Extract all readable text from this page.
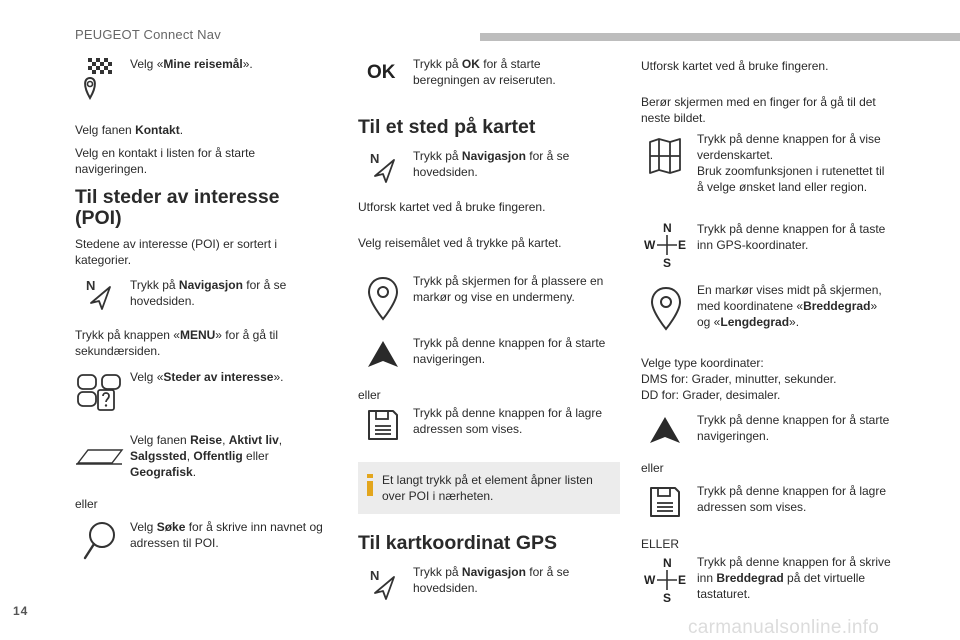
PEUGEOT Connect Nav

Velg «Mine reisemål».

Velg fanen Kontakt.

Velg en kontakt i listen for å starte
navigeringen.

Til steder av interesse
(POI)

Stedene av interesse (POI) er sortert i
kategorier.

N	Trykk på Navigasjon for å se
hovedsiden.

Trykk på knappen «MENU» for å gå til
sekundærsiden.

Velg «Steder av interesse».

Velg fanen Reise, Aktivt liv,
Salgssted, Offentlig eller
Geografisk.

eller

Velg Søke for å skrive inn navnet og
adressen til POI.

OK Trykk på OK for å starte
beregningen av reiseruten.

Til et sted på kartet
N	Trykk på Navigasjon for å se
hovedsiden.

Utforsk kartet ved å bruke fingeren.

Velg reisemålet ved å trykke på kartet.

Trykk på skjermen for å plassere en
markør og vise en undermeny.

Trykk på denne knappen for å starte
navigeringen.

eller

Trykk på denne knappen for å lagre
adressen som vises.

Et langt trykk på et element åpner listen
over POI i nærheten.

Til kartkoordinat GPS
N	Trykk på Navigasjon for å se
hovedsiden.

Utforsk kartet ved å bruke fingeren.

Berør skjermen med en finger for å gå til det
neste bildet.

Trykk på denne knappen for å vise
verdenskartet.
Bruk zoomfunksjonen i rutenettet til
å velge ønsket land eller region.

N
W E
S

Trykk på denne knappen for å taste
inn GPS-koordinater.

En markør vises midt på skjermen,
med koordinatene «Breddegrad»
og «Lengdegrad».

Velge type koordinater:
DMS for: Grader, minutter, sekunder.
DD for: Grader, desimaler.

Trykk på denne knappen for å starte
navigeringen.

eller

Trykk på denne knappen for å lagre
adressen som vises.

ELLER

N
W E
S

Trykk på denne knappen for å skrive
inn Breddegrad på det virtuelle
tastaturet.

14
carmanualsonline.info
